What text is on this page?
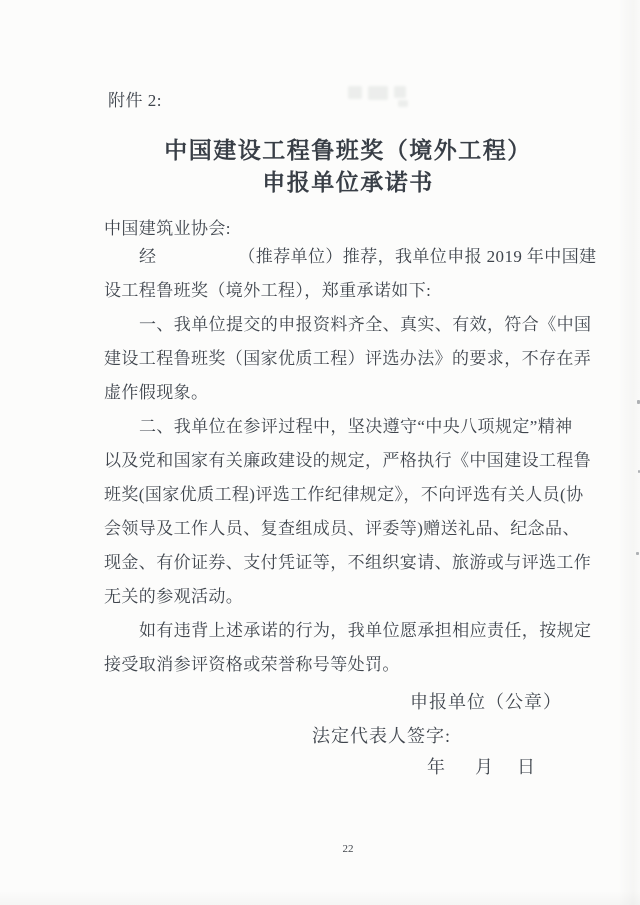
附件 2:
中国建设工程鲁班奖（境外工程）
申报单位承诺书
中国建筑业协会:
经	（推荐单位）推荐，我单位申报 2019 年中国建
设工程鲁班奖（境外工程），郑重承诺如下:
一、我单位提交的申报资料齐全、真实、有效，符合《中国
建设工程鲁班奖（国家优质工程）评选办法》的要求，不存在弄
虚作假现象。
二、我单位在参评过程中，坚决遵守“中央八项规定”精神
以及党和国家有关廉政建设的规定，严格执行《中国建设工程鲁
班奖(国家优质工程)评选工作纪律规定》，不向评选有关人员(协
会领导及工作人员、复查组成员、评委等)赠送礼品、纪念品、
现金、有价证券、支付凭证等，不组织宴请、旅游或与评选工作
无关的参观活动。
如有违背上述承诺的行为，我单位愿承担相应责任，按规定
接受取消参评资格或荣誉称号等处罚。
申报单位（公章）
法定代表人签字:
年 月 日
22
